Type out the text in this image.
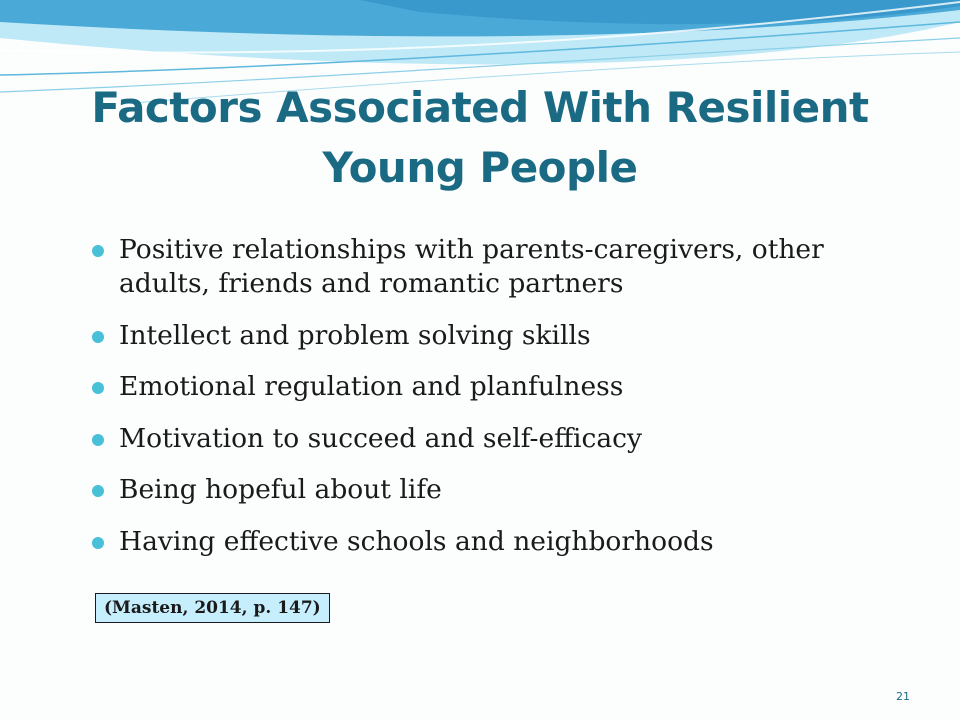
Factors Associated With Resilient Young People
Positive relationships with parents-caregivers, other adults, friends and romantic partners
Intellect and problem solving skills
Emotional regulation and planfulness
Motivation to succeed and self-efficacy
Being hopeful about life
Having effective schools and neighborhoods
(Masten, 2014, p. 147)
21
